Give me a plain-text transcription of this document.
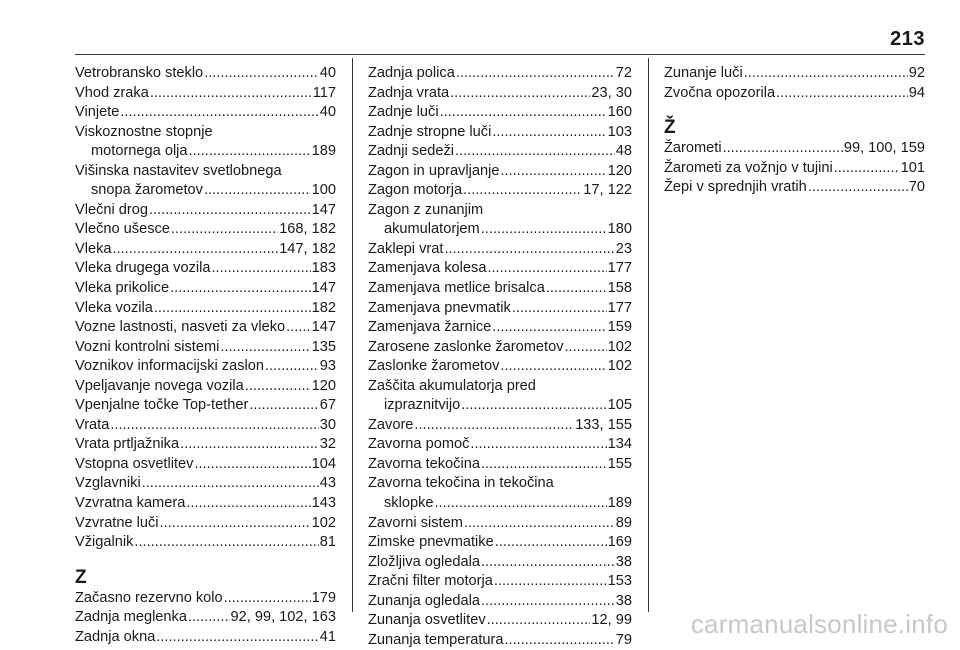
213
Vetrobransko steklo .....	40
Vhod zraka .....	117
Vinjete .....	40
Viskoznostne stopnje
motornega olja .....	189
Višinska nastavitev svetlobnega
snopa žarometov .....	100
Vlečni drog .....	147
Vlečno ušesce .....	168, 182
Vleka .....	147, 182
Vleka drugega vozila .....	183
Vleka prikolice .....	147
Vleka vozila .....	182
Vozne lastnosti, nasveti za vleko ..... 147
Vozni kontrolni sistemi .....	135
Voznikov informacijski zaslon .....	93
Vpeljavanje novega vozila .....	120
Vpenjalne točke Top-tether .....	67
Vrata .....	30
Vrata prtljažnika .....	32
Vstopna osvetlitev .....	104
Vzglavniki .....	43
Vzvratna kamera .....	143
Vzvratne luči .....	102
Vžigalnik .....	81
Z
Začasno rezervno kolo .....	179
Zadnja meglenka .....	92, 99, 102, 163
Zadnja okna .....	41
Zadnja polica .....	72
Zadnja vrata .....	23, 30
Zadnje luči .....	160
Zadnje stropne luči .....	103
Zadnji sedeži .....	48
Zagon in upravljanje .....	120
Zagon motorja .....	17, 122
Zagon z zunanjim
akumulatorjem .....	180
Zaklepi vrat .....	23
Zamenjava kolesa .....	177
Zamenjava metlice brisalca .....	158
Zamenjava pnevmatik .....	177
Zamenjava žarnice .....	159
Zarosene zaslonke žarometov .....	102
Zaslonke žarometov .....	102
Zaščita akumulatorja pred
izpraznitvijo .....	105
Zavore .....	133, 155
Zavorna pomoč .....	134
Zavorna tekočina .....	155
Zavorna tekočina in tekočina
sklopke .....	189
Zavorni sistem .....	89
Zimske pnevmatike .....	169
Zložljiva ogledala .....	38
Zračni filter motorja .....	153
Zunanja ogledala .....	38
Zunanja osvetlitev .....	12, 99
Zunanja temperatura .....	79
Zunanje luči .....	92
Zvočna opozorila .....	94
Ž
Žarometi .....	99, 100, 159
Žarometi za vožnjo v tujini .....	101
Žepi v sprednjih vratih .....	70
carmanualsonline.info
